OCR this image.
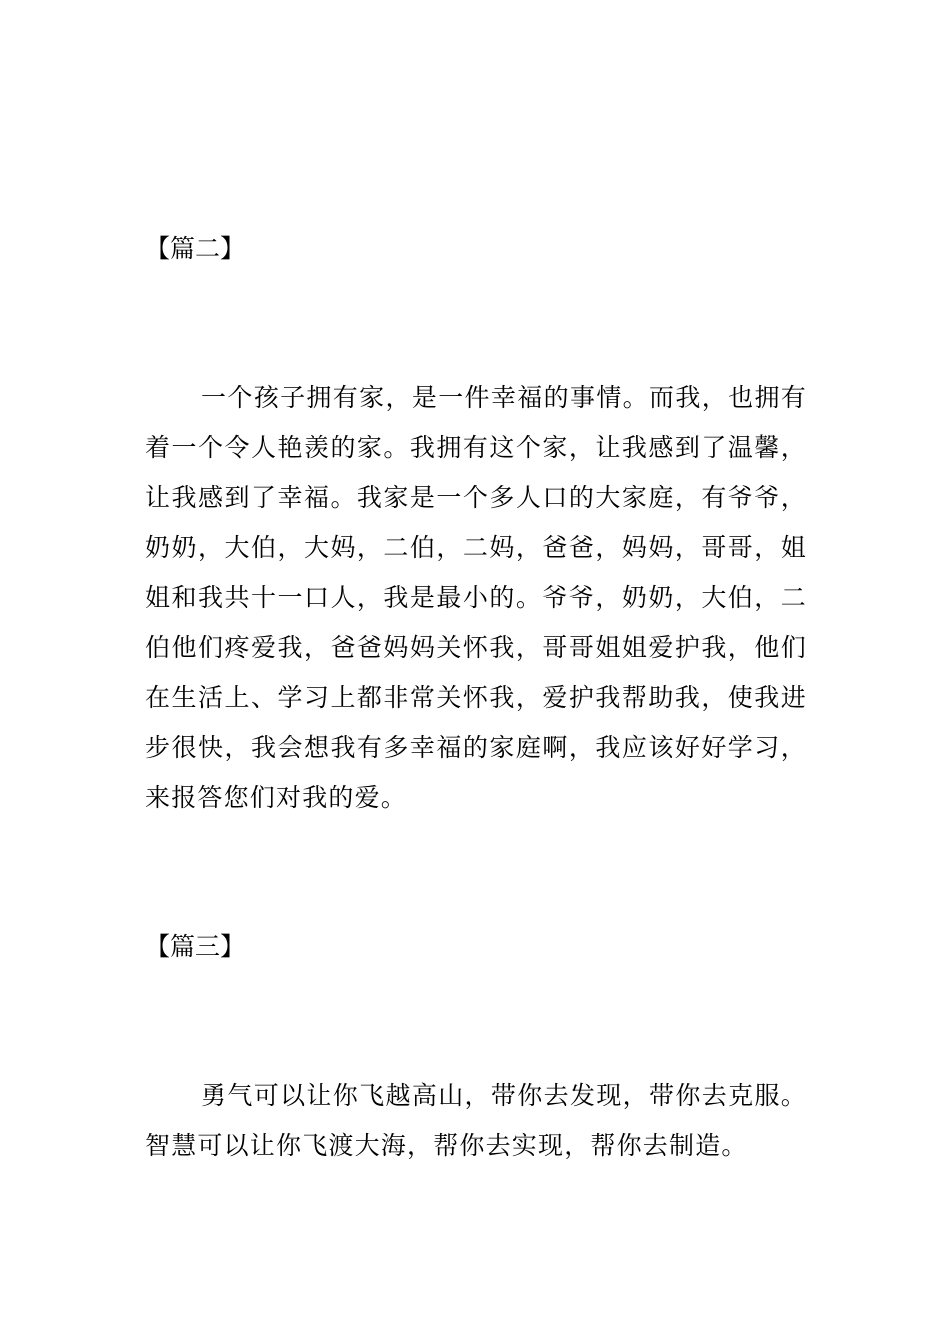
【篇二】

一个孩子拥有家，是一件幸福的事情。而我，也拥有着一个令人艳羡的家。我拥有这个家，让我感到了温馨，让我感到了幸福。我家是一个多人口的大家庭，有爷爷，奶奶，大伯，大妈，二伯，二妈，爸爸，妈妈，哥哥，姐姐和我共十一口人，我是最小的。爷爷，奶奶，大伯，二伯他们疼爱我，爸爸妈妈关怀我，哥哥姐姐爱护我，他们在生活上、学习上都非常关怀我，爱护我帮助我，使我进步很快，我会想我有多幸福的家庭啊，我应该好好学习，来报答您们对我的爱。

【篇三】

勇气可以让你飞越高山，带你去发现，带你去克服。智慧可以让你飞渡大海，帮你去实现，帮你去制造。
